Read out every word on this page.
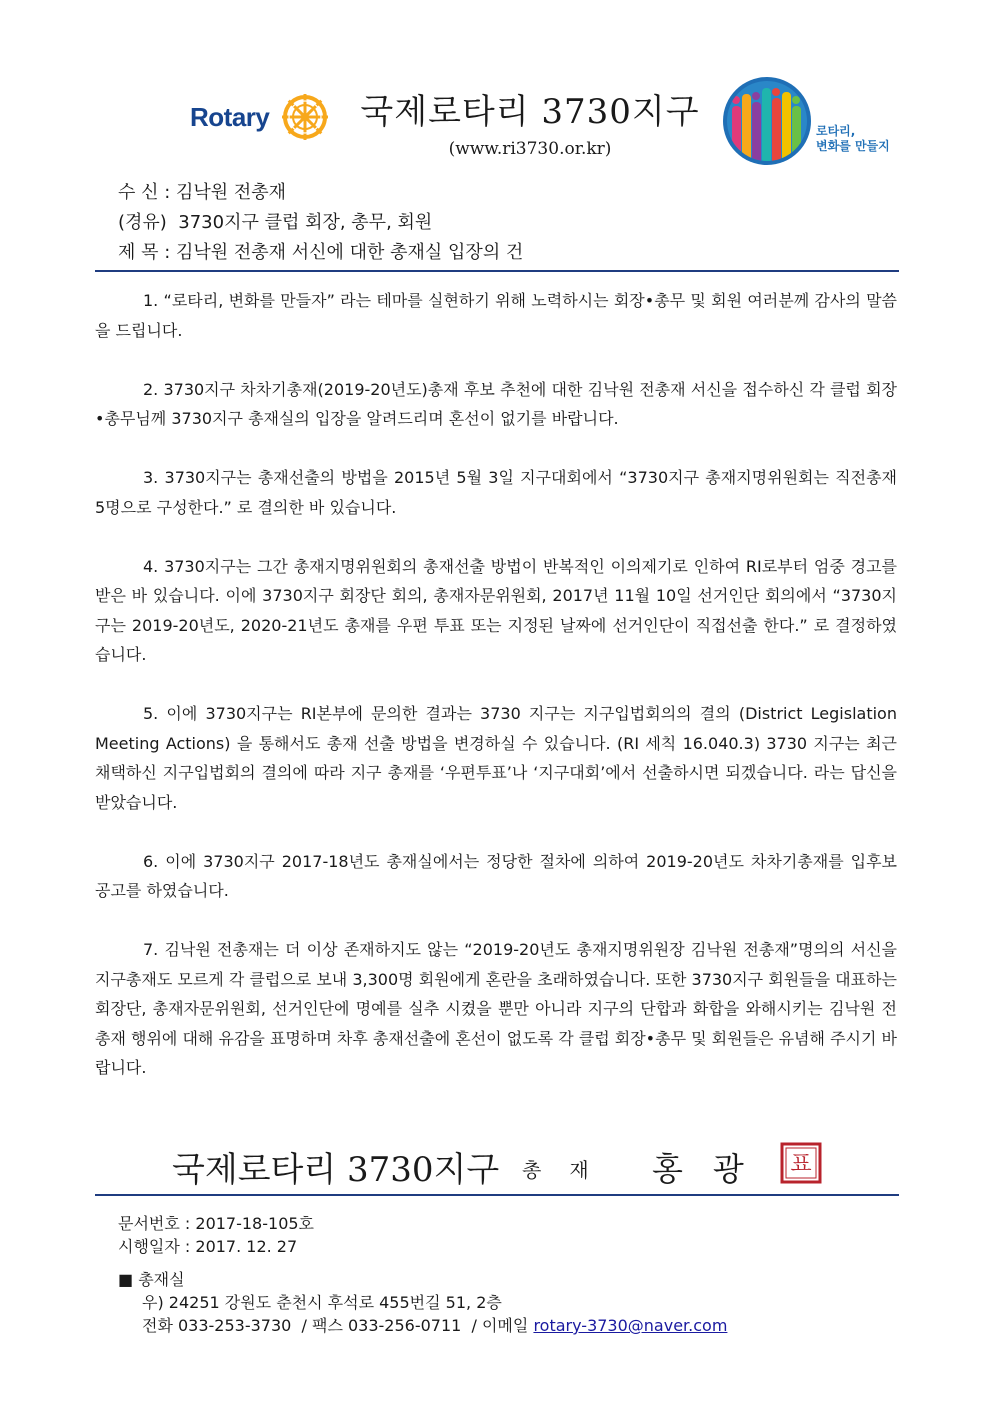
Rotary	국제로타리 3730지구
(www.ri3730.or.kr)
로타리,
변화를 만들지
수 신 : 김낙원 전총재
(경유)  3730지구 클럽 회장, 총무, 회원
제 목 : 김낙원 전총재 서신에 대한 총재실 입장의 건

1. “로타리, 변화를 만들자” 라는 테마를 실현하기 위해 노력하시는 회장•총무 및 회원 여러분께 감사의 말씀을 드립니다.

2. 3730지구 차차기총재(2019-20년도)총재 후보 추천에 대한 김낙원 전총재 서신을 접수하신 각 클럽 회장•총무님께 3730지구 총재실의 입장을 알려드리며 혼선이 없기를 바랍니다.

3. 3730지구는 총재선출의 방법을 2015년 5월 3일 지구대회에서 “3730지구 총재지명위원회는 직전총재 5명으로 구성한다.” 로 결의한 바 있습니다.

4. 3730지구는 그간 총재지명위원회의 총재선출 방법이 반복적인 이의제기로 인하여 RI로부터 엄중 경고를 받은 바 있습니다. 이에 3730지구 회장단 회의, 총재자문위원회, 2017년 11월 10일 선거인단 회의에서 “3730지구는 2019-20년도, 2020-21년도 총재를 우편 투표 또는 지정된 날짜에 선거인단이 직접선출 한다.” 로 결정하였습니다.

5. 이에 3730지구는 RI본부에 문의한 결과는 3730 지구는 지구입법회의의 결의 (District Legislation Meeting Actions) 을 통해서도 총재 선출 방법을 변경하실 수 있습니다. (RI 세칙 16.040.3) 3730 지구는 최근 채택하신 지구입법회의 결의에 따라 지구 총재를 ‘우편투표’나 ‘지구대회’에서 선출하시면 되겠습니다. 라는 답신을 받았습니다.

6. 이에 3730지구 2017-18년도 총재실에서는 정당한 절차에 의하여 2019-20년도 차차기총재를 입후보 공고를 하였습니다.

7. 김낙원 전총재는 더 이상 존재하지도 않는 “2019-20년도 총재지명위원장 김낙원 전총재”명의의 서신을 지구총재도 모르게 각 클럽으로 보내 3,300명 회원에게 혼란을 초래하였습니다. 또한 3730지구 회원들을 대표하는 회장단, 총재자문위원회, 선거인단에 명예를 실추 시켰을 뿐만 아니라 지구의 단합과 화합을 와해시키는 김낙원 전총재 행위에 대해 유감을 표명하며 차후 총재선출에 혼선이 없도록 각 클럽 회장•총무 및 회원들은 유념해 주시기 바랍니다.

국제로타리 3730지구 총재 홍광 표
문서번호 : 2017-18-105호
시행일자 : 2017. 12. 27
■ 총재실
우) 24251 강원도 춘천시 후석로 455번길 51, 2층
전화 033-253-3730  / 팩스 033-256-0711  / 이메일 rotary-3730@naver.com
